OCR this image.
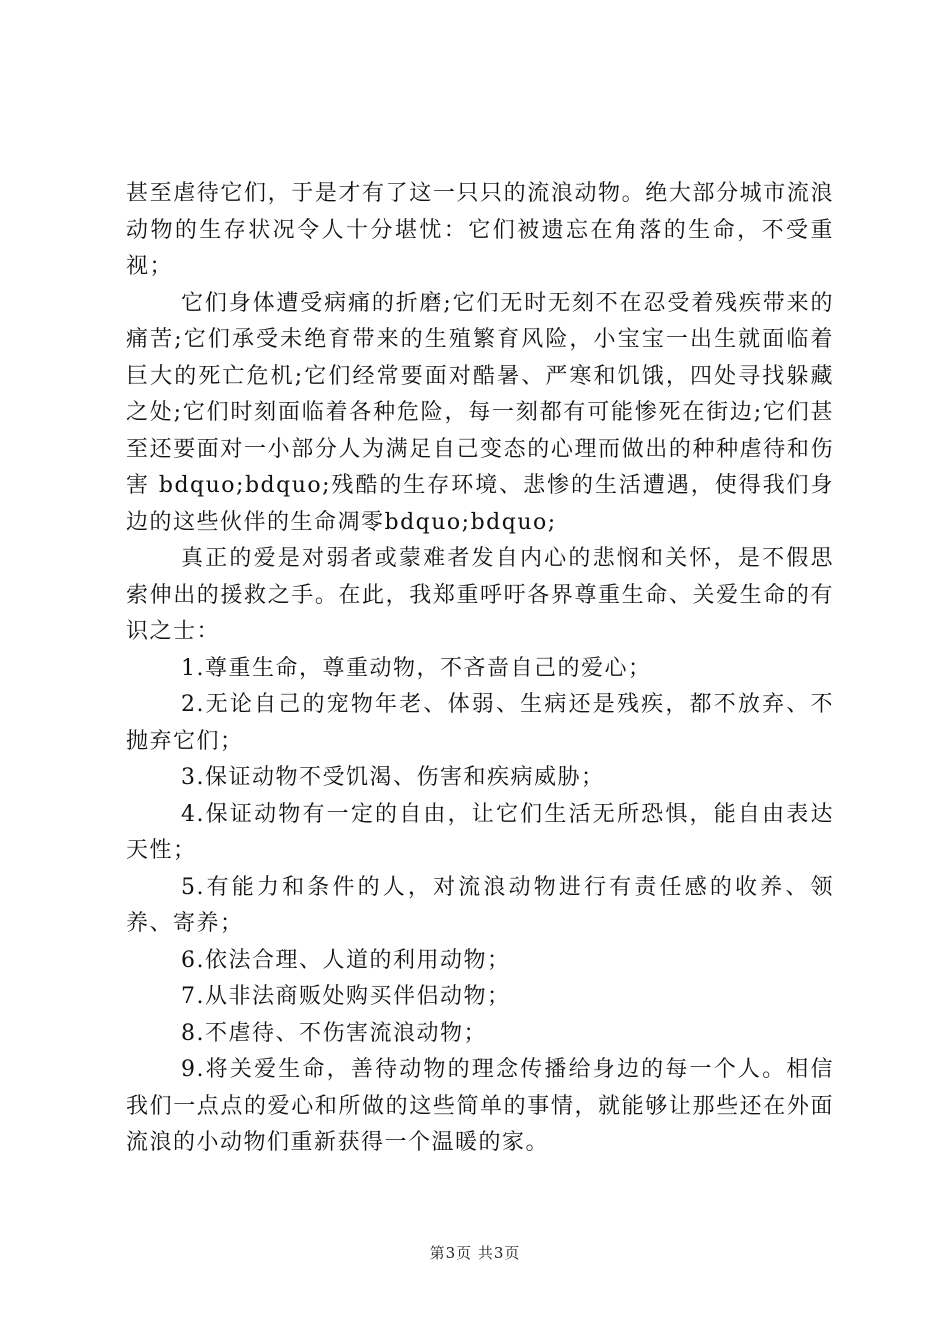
甚至虐待它们，于是才有了这一只只的流浪动物。绝大部分城市流浪动物的生存状况令人十分堪忧：它们被遗忘在角落的生命，不受重视；

它们身体遭受病痛的折磨;它们无时无刻不在忍受着残疾带来的痛苦;它们承受未绝育带来的生殖繁育风险，小宝宝一出生就面临着巨大的死亡危机;它们经常要面对酷暑、严寒和饥饿，四处寻找躲藏之处;它们时刻面临着各种危险，每一刻都有可能惨死在街边;它们甚至还要面对一小部分人为满足自己变态的心理而做出的种种虐待和伤害 bdquo;bdquo;残酷的生存环境、悲惨的生活遭遇，使得我们身边的这些伙伴的生命凋零bdquo;bdquo;

真正的爱是对弱者或蒙难者发自内心的悲悯和关怀，是不假思索伸出的援救之手。在此，我郑重呼吁各界尊重生命、关爱生命的有识之士：

1.尊重生命，尊重动物，不吝啬自己的爱心；

2.无论自己的宠物年老、体弱、生病还是残疾，都不放弃、不抛弃它们；

3.保证动物不受饥渴、伤害和疾病威胁；

4.保证动物有一定的自由，让它们生活无所恐惧，能自由表达天性；

5.有能力和条件的人，对流浪动物进行有责任感的收养、领养、寄养；

6.依法合理、人道的利用动物；

7.从非法商贩处购买伴侣动物；

8.不虐待、不伤害流浪动物；

9.将关爱生命，善待动物的理念传播给身边的每一个人。相信我们一点点的爱心和所做的这些简单的事情，就能够让那些还在外面流浪的小动物们重新获得一个温暖的家。

第3页 共3页
